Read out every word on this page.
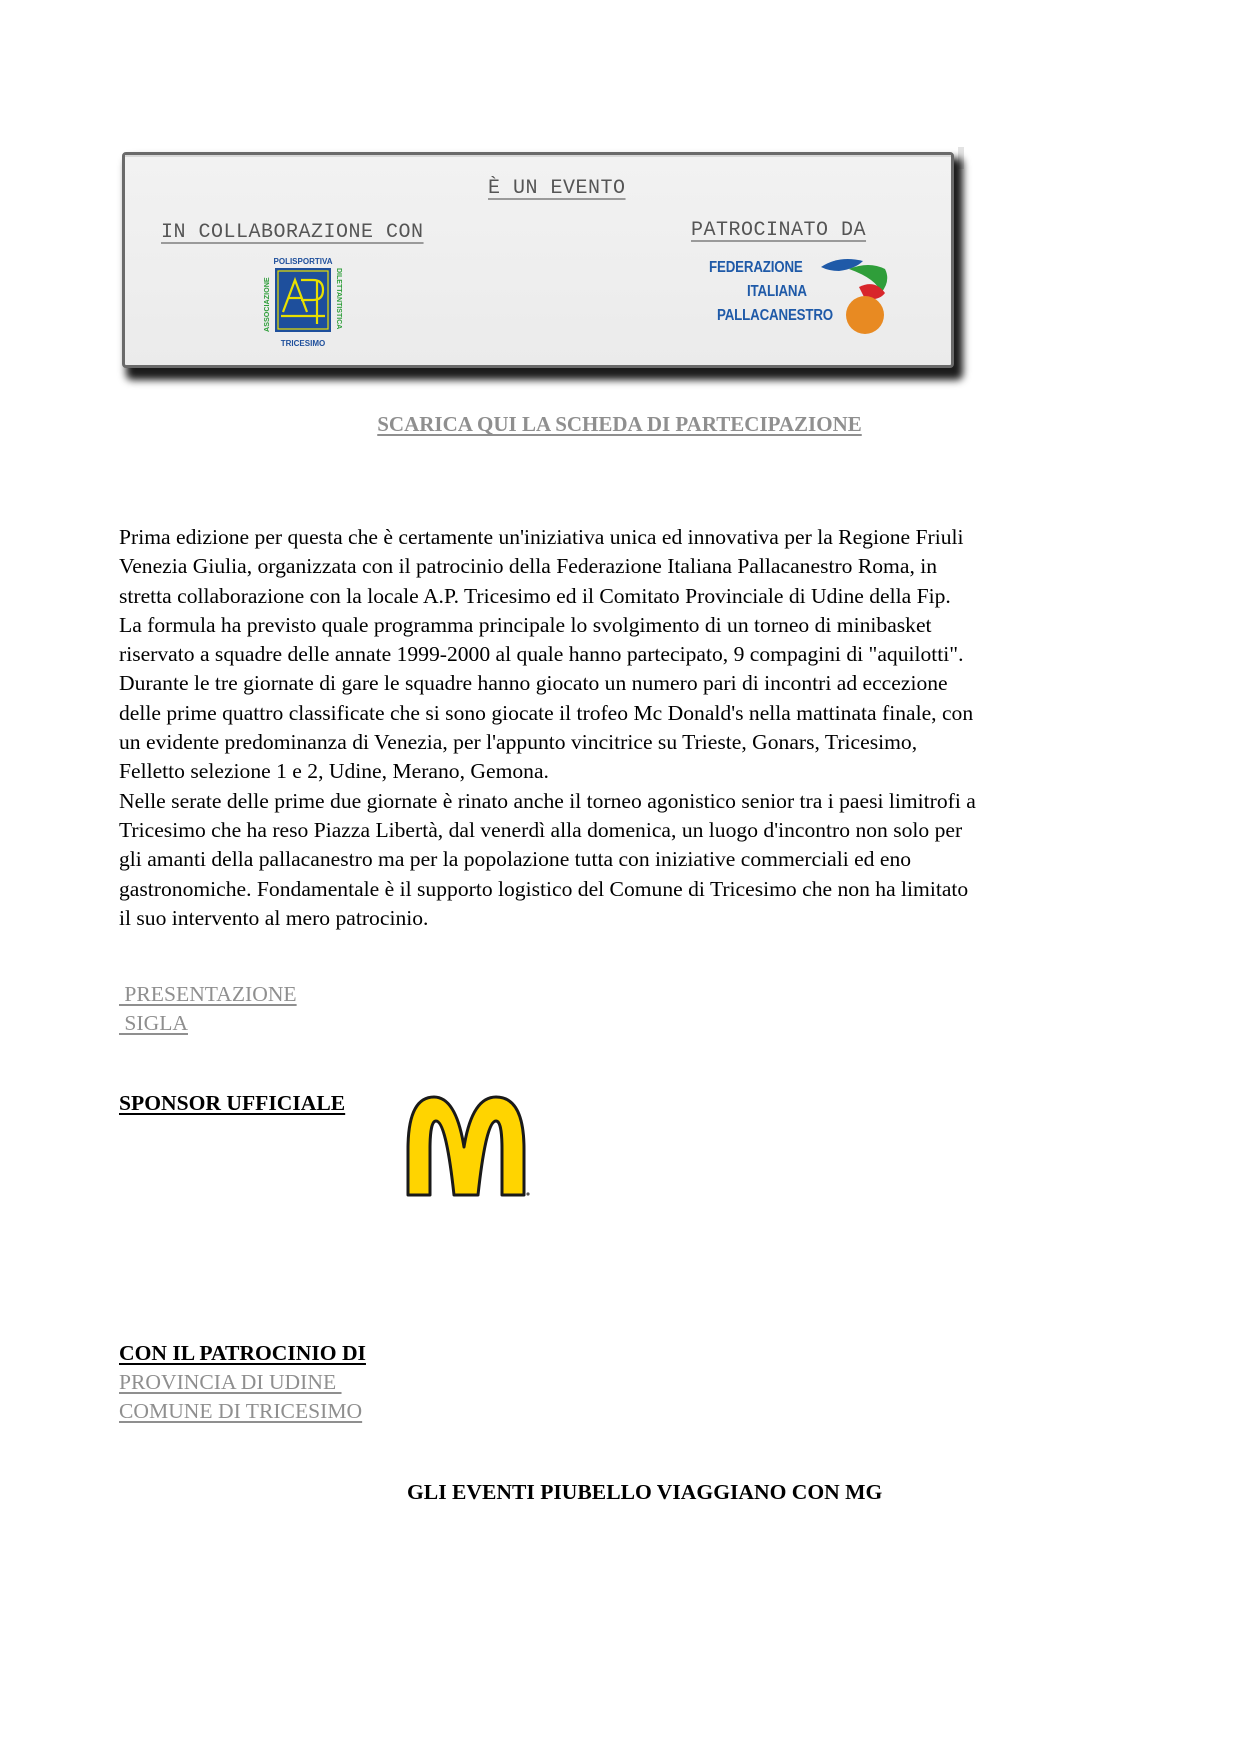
È UN EVENTO
IN COLLABORAZIONE CON	PATROCINATO DA
POLISPORTIVA
TRICESIMO
ASSOCIAZIONE	DILETTANTISTICA
FEDERAZIONE
ITALIANA
PALLACANESTRO
SCARICA QUI LA SCHEDA DI PARTECIPAZIONE

Prima edizione per questa che è certamente un'iniziativa unica ed innovativa per la Regione Friuli

Venezia Giulia, organizzata con il patrocinio della Federazione Italiana Pallacanestro Roma, in

stretta collaborazione con la locale A.P. Tricesimo ed il Comitato Provinciale di Udine della Fip.

La formula ha previsto quale programma principale lo svolgimento di un torneo di minibasket

riservato a squadre delle annate 1999-2000 al quale hanno partecipato, 9 compagini di "aquilotti".

Durante le tre giornate di gare le squadre hanno giocato un numero pari di incontri ad eccezione

delle prime quattro classificate che si sono giocate il trofeo Mc Donald's nella mattinata finale, con

un evidente predominanza di Venezia, per l'appunto vincitrice su Trieste, Gonars, Tricesimo,

Felletto selezione 1 e 2, Udine, Merano, Gemona.

Nelle serate delle prime due giornate è rinato anche il torneo agonistico senior tra i paesi limitrofi a

Tricesimo che ha reso Piazza Libertà, dal venerdì alla domenica, un luogo d'incontro non solo per

gli amanti della pallacanestro ma per la popolazione tutta con iniziative commerciali ed eno

gastronomiche. Fondamentale è il supporto logistico del Comune di Tricesimo che non ha limitato

il suo intervento al mero patrocinio.

PRESENTAZIONE
SIGLA
SPONSOR UFFICIALE
CON IL PATROCINIO DI
PROVINCIA DI UDINE
COMUNE DI TRICESIMO
GLI EVENTI PIUBELLO VIAGGIANO CON MG
